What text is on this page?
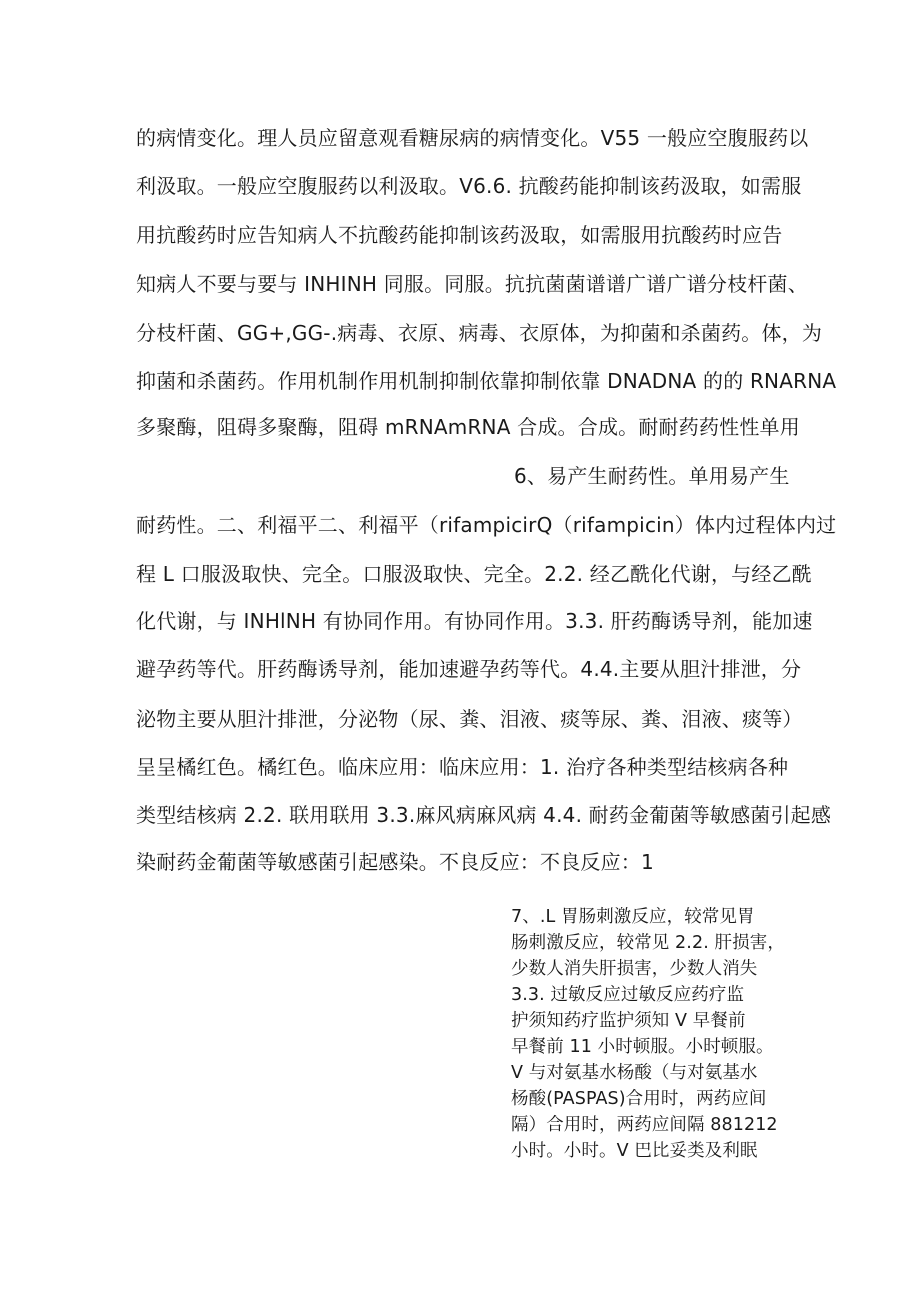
的病情变化。理人员应留意观看糖尿病的病情变化。V55 一般应空腹服药以
利汲取。一般应空腹服药以利汲取。V6.6. 抗酸药能抑制该药汲取，如需服
用抗酸药时应告知病人不抗酸药能抑制该药汲取，如需服用抗酸药时应告
知病人不要与要与 INHINH 同服。同服。抗抗菌菌谱谱广谱广谱分枝杆菌、
分枝杆菌、GG+,GG-.病毒、衣原、病毒、衣原体，为抑菌和杀菌药。体，为
抑菌和杀菌药。作用机制作用机制抑制依靠抑制依靠 DNADNA 的的 RNARNA
多聚酶，阻碍多聚酶，阻碍 mRNAmRNA 合成。合成。耐耐药药性性单用
6、易产生耐药性。单用易产生
耐药性。二、利福平二、利福平（rifampicirQ（rifampicin）体内过程体内过
程 L 口服汲取快、完全。口服汲取快、完全。2.2. 经乙酰化代谢，与经乙酰
化代谢，与 INHlNH 有协同作用。有协同作用。3.3. 肝药酶诱导剂，能加速
避孕药等代。肝药酶诱导剂，能加速避孕药等代。4.4.主要从胆汁排泄，分
泌物主要从胆汁排泄，分泌物（尿、粪、泪液、痰等尿、粪、泪液、痰等）
呈呈橘红色。橘红色。临床应用：临床应用：1. 治疗各种类型结核病各种
类型结核病 2.2. 联用联用 3.3.麻风病麻风病 4.4. 耐药金葡菌等敏感菌引起感
染耐药金葡菌等敏感菌引起感染。不良反应：不良反应：1
7、.L 胃肠刺激反应，较常见胃
肠刺激反应，较常见 2.2. 肝损害，
少数人消失肝损害，少数人消失
3.3. 过敏反应过敏反应药疗监
护须知药疗监护须知 V 早餐前
早餐前 11 小时顿服。小时顿服。
V 与对氨基水杨酸（与对氨基水
杨酸(PASPAS)合用时，两药应间
隔）合用时，两药应间隔 881212
小时。小时。V 巴比妥类及利眠
